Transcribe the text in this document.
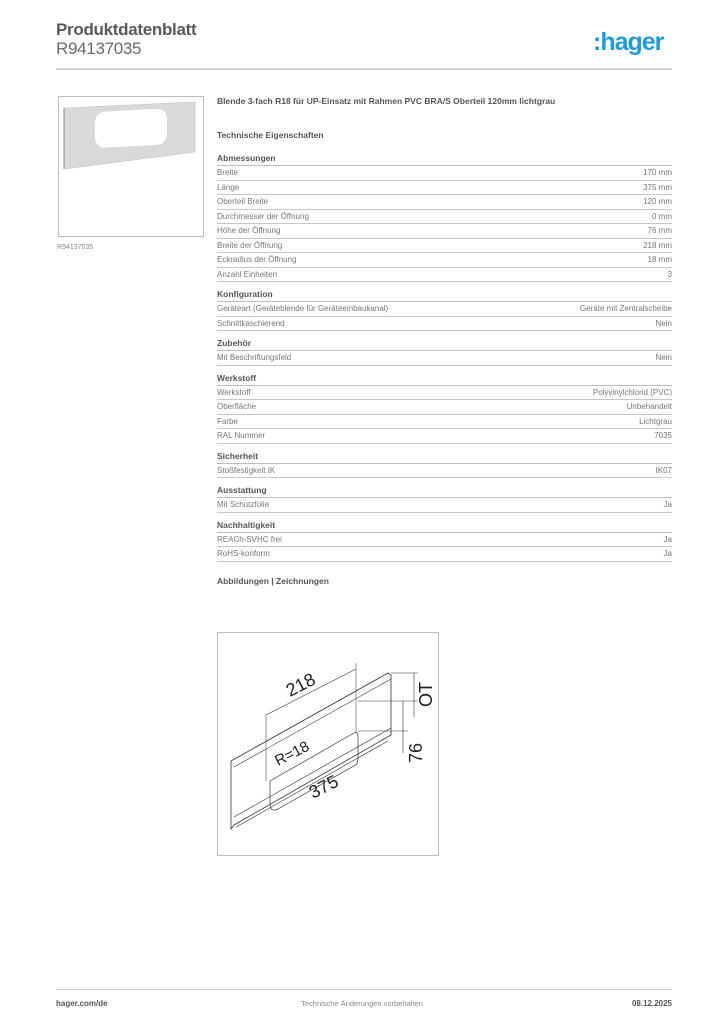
Produktdatenblatt
R94137035	:hager
R94137035
Blende 3-fach R18 für UP-Einsatz mit Rahmen PVC BRA/S Oberteil 120mm lichtgrau
Technische Eigenschaften
Abmessungen
Breite	170 mm
Länge	375 mm
Oberteil Breite	120 mm
Durchmesser der Öffnung	0 mm
Höhe der Öffnung	76 mm
Breite der Öffnung	218 mm
Eckradius der Öffnung	18 mm
Anzahl Einheiten	3
Konfiguration
Geräteart (Geräteblende für Geräteeinbaukanal)	Geräte mit Zentralscheibe
Schnittkaschierend	Nein
Zubehör
Mit Beschriftungsfeld	Nein
Werkstoff
Werkstoff	Polyvinylchlorid (PVC)
Oberfläche	Unbehandelt
Farbe	Lichtgrau
RAL Nummer	7035
Sicherheit
Stoßfestigkeit IK	IK07
Ausstattung
Mit Schutzfolie	Ja
Nachhaltigkeit
REACh-SVHC frei	Ja
RoHS-konform	Ja
Abbildungen | Zeichnungen
218
R=18
375
OT
76
hager.com/de	Technische Änderungen vorbehalten	08.12.2025
